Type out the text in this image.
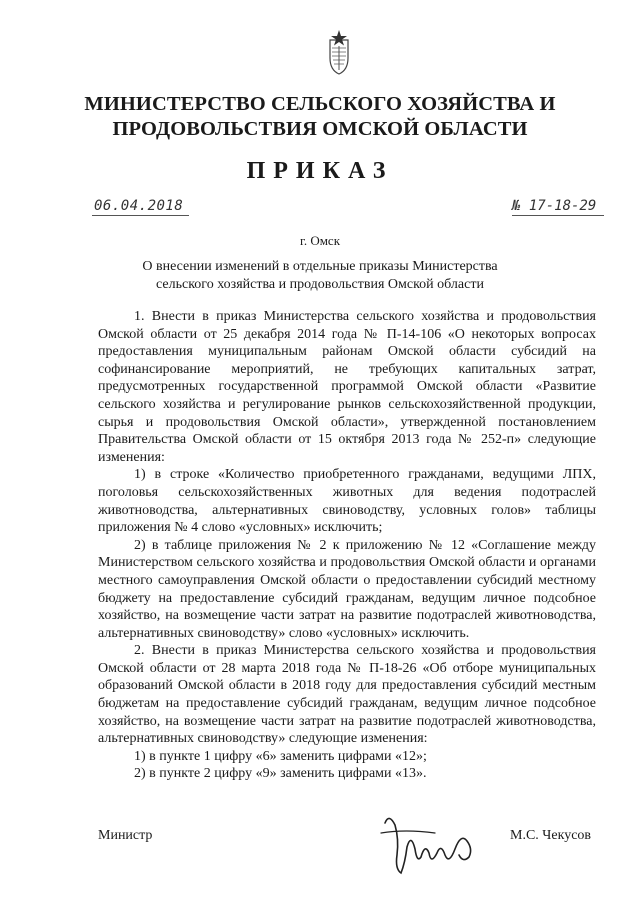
МИНИСТЕРСТВО СЕЛЬСКОГО ХОЗЯЙСТВА И
ПРОДОВОЛЬСТВИЯ ОМСКОЙ ОБЛАСТИ
ПРИКАЗ
06.04.2018	№ 17-18-29
г. Омск
О внесении изменений в отдельные приказы Министерства сельского хозяйства и продовольствия Омской области

1. Внести в приказ Министерства сельского хозяйства и продовольствия Омской области от 25 декабря 2014 года № П-14-106 «О некоторых вопросах предоставления муниципальным районам Омской области субсидий на софинансирование мероприятий, не требующих капитальных затрат, предусмотренных государственной программой Омской области «Развитие сельского хозяйства и регулирование рынков сельскохозяйственной продукции, сырья и продовольствия Омской области», утвержденной постановлением Правительства Омской области от 15 октября 2013 года № 252-п» следующие изменения:

1) в строке «Количество приобретенного гражданами, ведущими ЛПХ, поголовья сельскохозяйственных животных для ведения подотраслей животноводства, альтернативных свиноводству, условных голов» таблицы приложения № 4 слово «условных» исключить;

2) в таблице приложения № 2 к приложению № 12 «Соглашение между Министерством сельского хозяйства и продовольствия Омской области и органами местного самоуправления Омской области о предоставлении субсидий местному бюджету на предоставление субсидий гражданам, ведущим личное подсобное хозяйство, на возмещение части затрат на развитие подотраслей животноводства, альтернативных свиноводству» слово «условных» исключить.

2. Внести в приказ Министерства сельского хозяйства и продовольствия Омской области от 28 марта 2018 года № П-18-26 «Об отборе муниципальных образований Омской области в 2018 году для предоставления субсидий местным бюджетам на предоставление субсидий гражданам, ведущим личное подсобное хозяйство, на возмещение части затрат на развитие подотраслей животноводства, альтернативных свиноводству» следующие изменения:

1) в пункте 1 цифру «6» заменить цифрами «12»;

2) в пункте 2 цифру «9» заменить цифрами «13».

Министр	М.С. Чекусов
